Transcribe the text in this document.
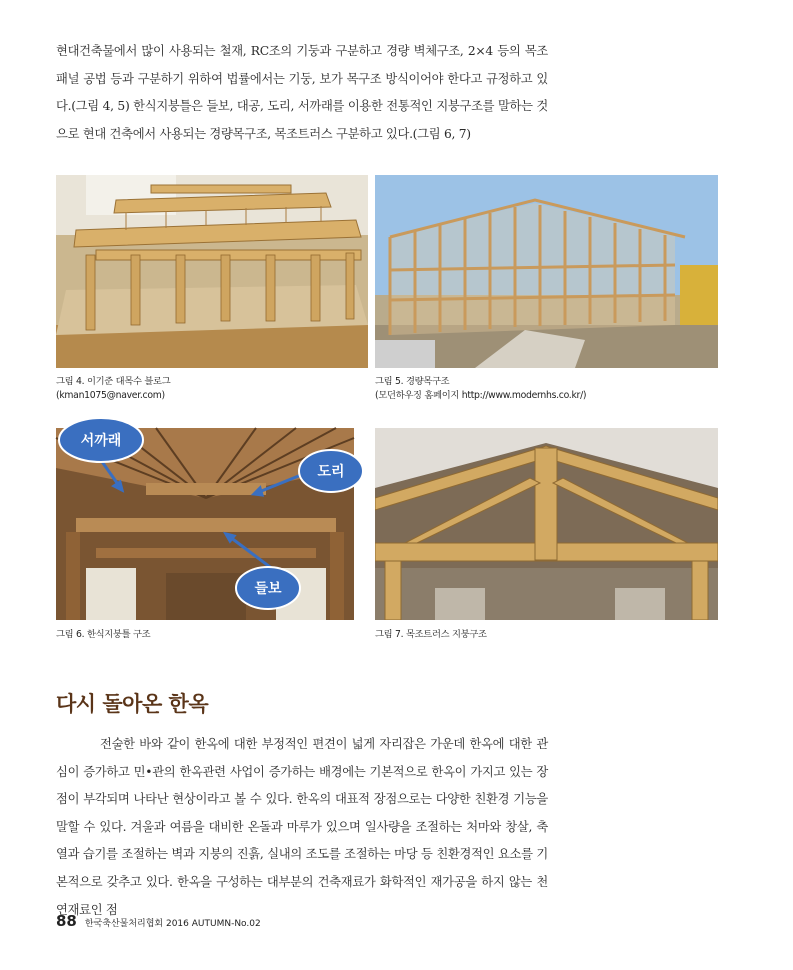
현대건축물에서 많이 사용되는 철재, RC조의 기둥과 구분하고 경량 벽체구조, 2×4 등의 목조패널 공법 등과 구분하기 위하여 법률에서는 기둥, 보가 목구조 방식이어야 한다고 규정하고 있다.(그림 4, 5) 한식지붕틀은 들보, 대공, 도리, 서까래를 이용한 전통적인 지붕구조를 말하는 것으로 현대 건축에서 사용되는 경량목구조, 목조트러스 구분하고 있다.(그림 6, 7)

그림 4. 이기준 대목수 블로그
(kman1075@naver.com)
그림 5. 경량목구조
(모던하우징 홈페이지 http://www.modernhs.co.kr/)
서까래
도리
들보
그림 6. 한식지붕틀 구조	그림 7. 목조트러스 지붕구조
다시 돌아온 한옥

전술한 바와 같이 한옥에 대한 부정적인 편견이 넓게 자리잡은 가운데 한옥에 대한 관심이 증가하고 민•관의 한옥관련 사업이 증가하는 배경에는 기본적으로 한옥이 가지고 있는 장점이 부각되며 나타난 현상이라고 볼 수 있다. 한옥의 대표적 장점으로는 다양한 친환경 기능을 말할 수 있다. 겨울과 여름을 대비한 온돌과 마루가 있으며 일사량을 조절하는 처마와 창살, 축열과 습기를 조절하는 벽과 지붕의 진흙, 실내의 조도를 조절하는 마당 등 친환경적인 요소를 기본적으로 갖추고 있다. 한옥을 구성하는 대부분의 건축재료가 화학적인 재가공을 하지 않는 천연재료인 점

88 한국축산물처리협회 2016 AUTUMN-No.02
